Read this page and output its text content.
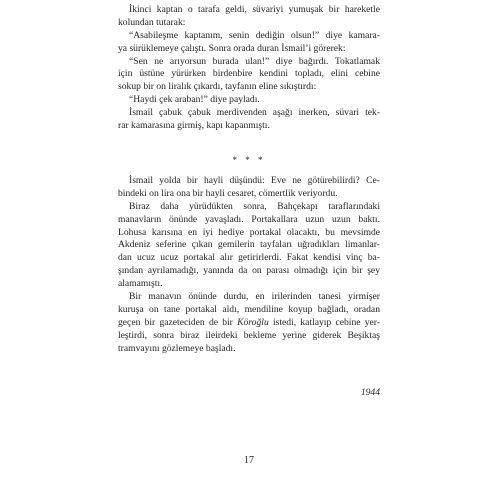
İkinci kaptan o tarafa geldi, süvariyi yumuşak bir hareketle
kolundan tutarak:
“Asabileşme kaptanım, senin dediğin olsun!” diye kamara-
ya sürüklemeye çalıştı. Sonra orada duran İsmail’i görerek:
“Sen ne arıyorsun burada ulan!” diye bağırdı. Tokatlamak
için üstüne yürürken birdenbire kendini topladı, elini cebine
sokup bir on liralık çıkardı, tayfanın eline sıkıştırdı:
“Haydi çek araban!” diye payladı.
İsmail çabuk çabuk merdivenden aşağı inerken, süvari tek-
rar kamarasına girmiş, kapı kapanmıştı.
* * *
İsmail yolda bir hayli düşündü: Eve ne götürebilirdi? Ce-
bindeki on lira ona bir hayli cesaret, cömertlik veriyordu.
Biraz daha yürüdükten sonra, Bahçekapı taraflarındaki
manavların önünde yavaşladı. Portakallara uzun uzun baktı.
Lohusa karısına en iyi hediye portakal olacaktı, bu mevsimde
Akdeniz seferine çıkan gemilerin tayfaları uğradıkları limanlar-
dan ucuz ucuz portakal alır getirirlerdi. Fakat kendisi vinç ba-
şından ayrılamadığı, yanında da on parası olmadığı için bir şey
alamamıştı.
Bir manavın önünde durdu, en irilerinden tanesi yirmişer
kuruşa on tane portakal aldı, mendiline koyup bağladı, oradan
geçen bir gazeteciden de bir Köroğlu istedi, katlayıp cebine yer-
leştirdi, sonra biraz ileirdeki bekleme yerine giderek Beşiktaş
tramvayını gözlemeye başladı.
1944
17
